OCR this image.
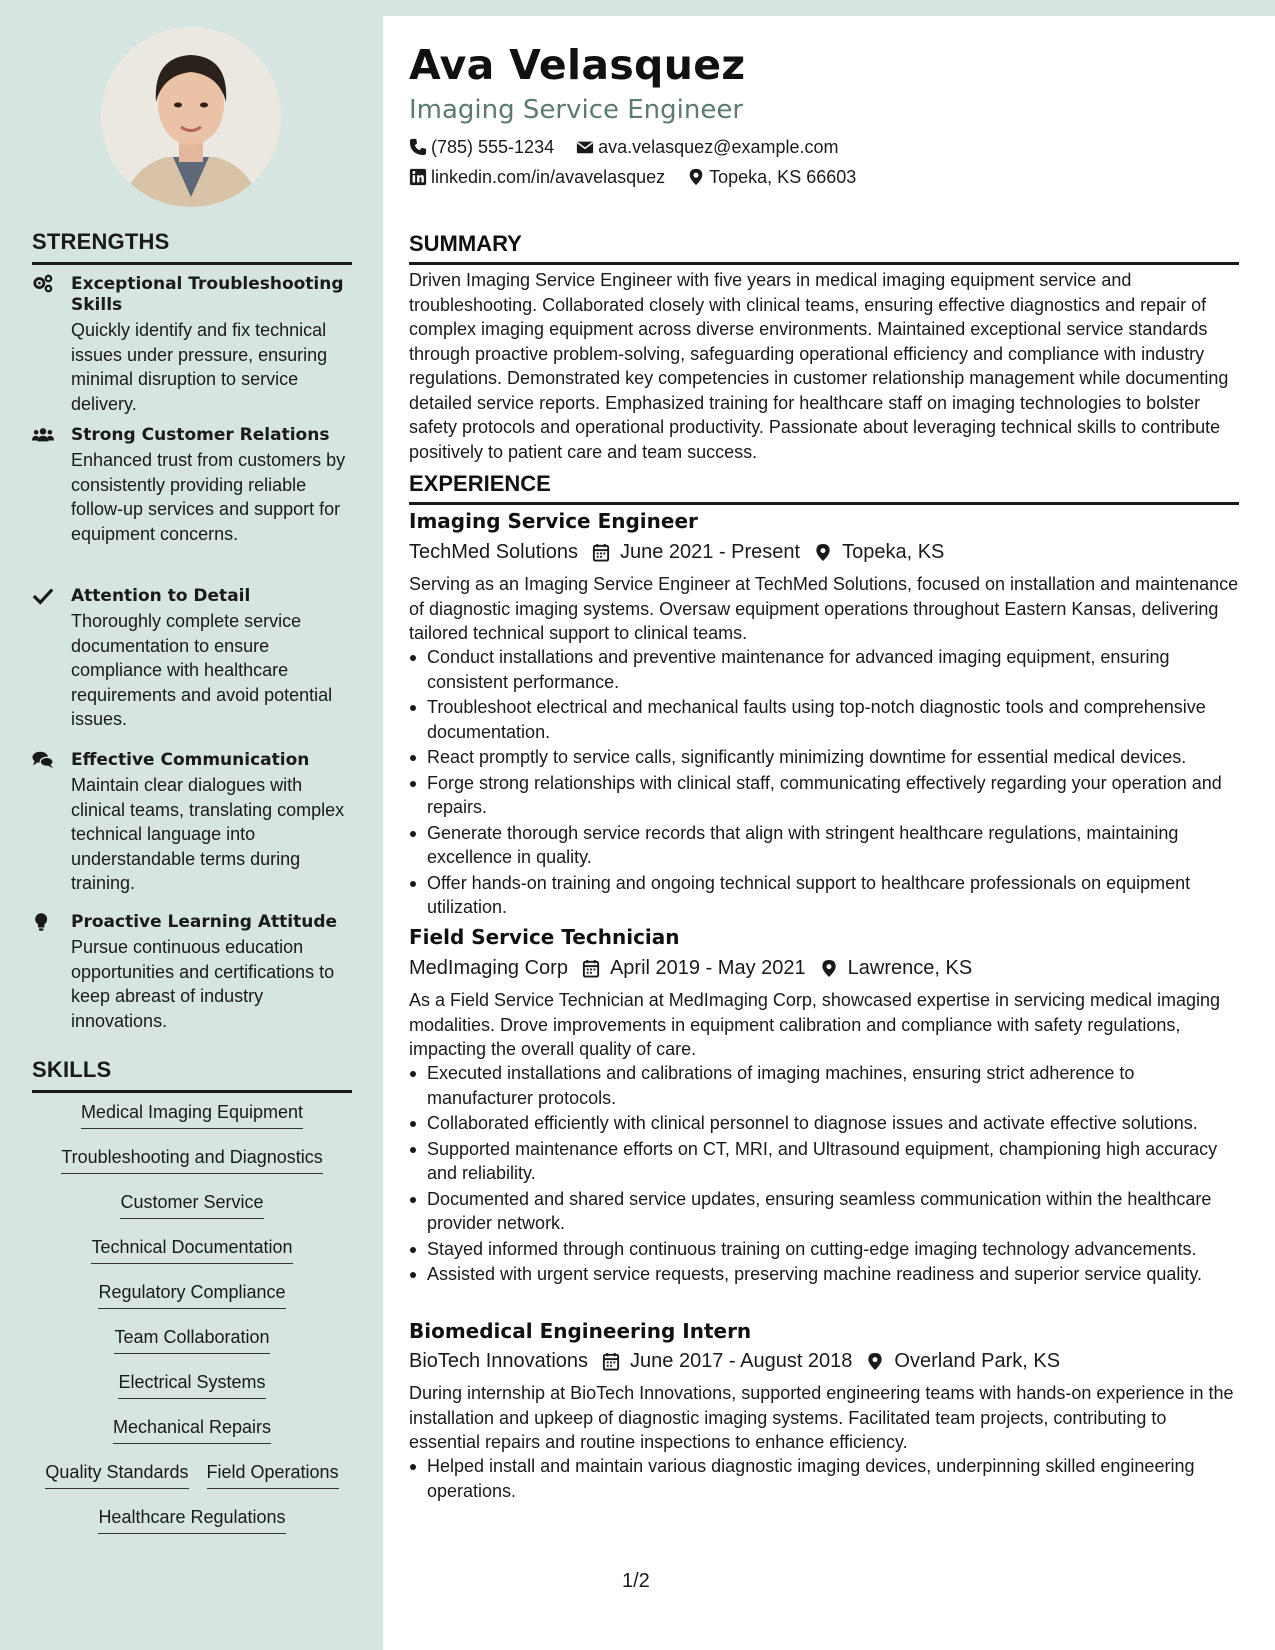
STRENGTHS
Exceptional Troubleshooting Skills
Quickly identify and fix technical issues under pressure, ensuring minimal disruption to service delivery.
Strong Customer Relations
Enhanced trust from customers by consistently providing reliable follow-up services and support for equipment concerns.
Attention to Detail
Thoroughly complete service documentation to ensure compliance with healthcare requirements and avoid potential issues.
Effective Communication
Maintain clear dialogues with clinical teams, translating complex technical language into understandable terms during training.
Proactive Learning Attitude
Pursue continuous education opportunities and certifications to keep abreast of industry innovations.
SKILLS
Medical Imaging Equipment
Troubleshooting and Diagnostics
Customer Service
Technical Documentation
Regulatory Compliance
Team Collaboration
Electrical Systems
Mechanical Repairs
Quality Standards Field Operations
Healthcare Regulations
Ava Velasquez
Imaging Service Engineer
(785) 555-1234 ava.velasquez@example.com
linkedin.com/in/avavelasquez Topeka, KS 66603
SUMMARY
Driven Imaging Service Engineer with five years in medical imaging equipment service and troubleshooting. Collaborated closely with clinical teams, ensuring effective diagnostics and repair of complex imaging equipment across diverse environments. Maintained exceptional service standards through proactive problem-solving, safeguarding operational efficiency and compliance with industry regulations. Demonstrated key competencies in customer relationship management while documenting detailed service reports. Emphasized training for healthcare staff on imaging technologies to bolster safety protocols and operational productivity. Passionate about leveraging technical skills to contribute positively to patient care and team success.
EXPERIENCE
Imaging Service Engineer
TechMed Solutions June 2021 - Present Topeka, KS
Serving as an Imaging Service Engineer at TechMed Solutions, focused on installation and maintenance of diagnostic imaging systems. Oversaw equipment operations throughout Eastern Kansas, delivering tailored technical support to clinical teams.
Conduct installations and preventive maintenance for advanced imaging equipment, ensuring consistent performance.
Troubleshoot electrical and mechanical faults using top-notch diagnostic tools and comprehensive documentation.
React promptly to service calls, significantly minimizing downtime for essential medical devices.
Forge strong relationships with clinical staff, communicating effectively regarding your operation and repairs.
Generate thorough service records that align with stringent healthcare regulations, maintaining excellence in quality.
Offer hands-on training and ongoing technical support to healthcare professionals on equipment utilization.
Field Service Technician
MedImaging Corp April 2019 - May 2021 Lawrence, KS
As a Field Service Technician at MedImaging Corp, showcased expertise in servicing medical imaging modalities. Drove improvements in equipment calibration and compliance with safety regulations, impacting the overall quality of care.
Executed installations and calibrations of imaging machines, ensuring strict adherence to manufacturer protocols.
Collaborated efficiently with clinical personnel to diagnose issues and activate effective solutions.
Supported maintenance efforts on CT, MRI, and Ultrasound equipment, championing high accuracy and reliability.
Documented and shared service updates, ensuring seamless communication within the healthcare provider network.
Stayed informed through continuous training on cutting-edge imaging technology advancements.
Assisted with urgent service requests, preserving machine readiness and superior service quality.
Biomedical Engineering Intern
BioTech Innovations June 2017 - August 2018 Overland Park, KS
During internship at BioTech Innovations, supported engineering teams with hands-on experience in the installation and upkeep of diagnostic imaging systems. Facilitated team projects, contributing to essential repairs and routine inspections to enhance efficiency.
Helped install and maintain various diagnostic imaging devices, underpinning skilled engineering operations.
1/2
